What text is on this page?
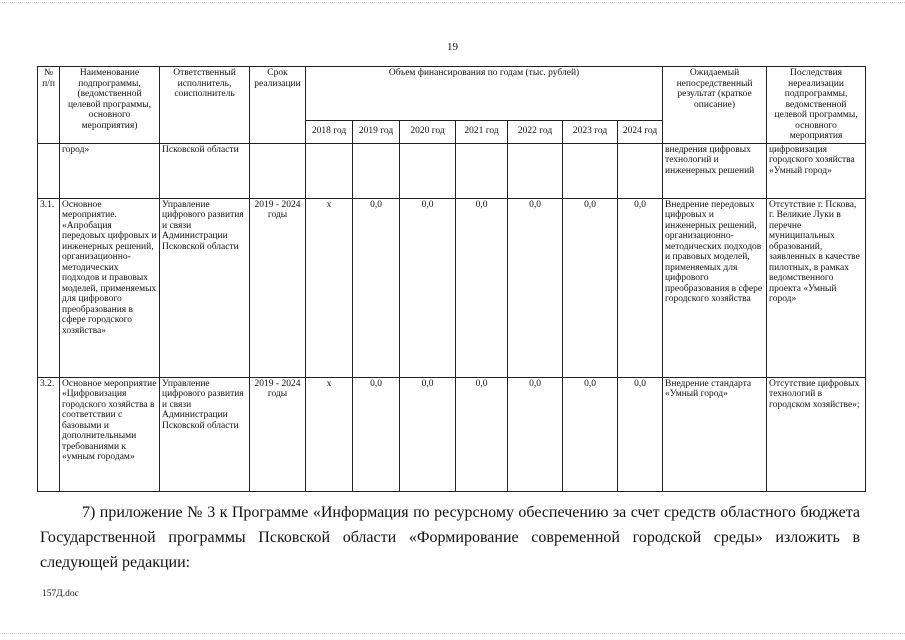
19
№ п/п	Наименование подпрограммы, (ведомственной целевой программы, основного мероприятия)	Ответственный исполнитель, соисполнитель	Срок реализации	Объем финансирования по годам (тыс. рублей)							Ожидаемый непосредственный результат (краткое описание)	Последствия нереализации подпрограммы, ведомственной целевой программы, основного мероприятия
				2018 год	2019 год	2020 год	2021 год	2022 год	2023 год	2024 год		
	город»	Псковской области									внедрения цифровых технологий и инженерных решений	цифровизация городского хозяйства «Умный город»
3.1.	Основное мероприятие. «Апробация передовых цифровых и инженерных решений, организационно-методических подходов и правовых моделей, применяемых для цифрового преобразования в сфере городского хозяйства»	Управление цифрового развития и связи Администрации Псковской области	2019 - 2024 годы	х	0,0	0,0	0,0	0,0	0,0	0,0	Внедрение передовых цифровых и инженерных решений, организационно-методических подходов и правовых моделей, применяемых для цифрового преобразования в сфере городского хозяйства	Отсутствие г. Пскова, г. Великие Луки в перечне муниципальных образований, заявленных в качестве пилотных, в рамках ведомственного проекта «Умный город»
3.2.	Основное мероприятие «Цифровизация городского хозяйства в соответствии с базовыми и дополнительными требованиями к «умным городам»	Управление цифрового развития и связи Администрации Псковской области	2019 - 2024 годы	х	0,0	0,0	0,0	0,0	0,0	0,0	Внедрение стандарта «Умный город»	Отсутствие цифровых технологий в городском хозяйстве»;
7) приложение № 3 к Программе «Информация по ресурсному обеспечению за счет средств областного бюджета Государственной программы Псковской области «Формирование современной городской среды» изложить в следующей редакции:
157Д.doc
